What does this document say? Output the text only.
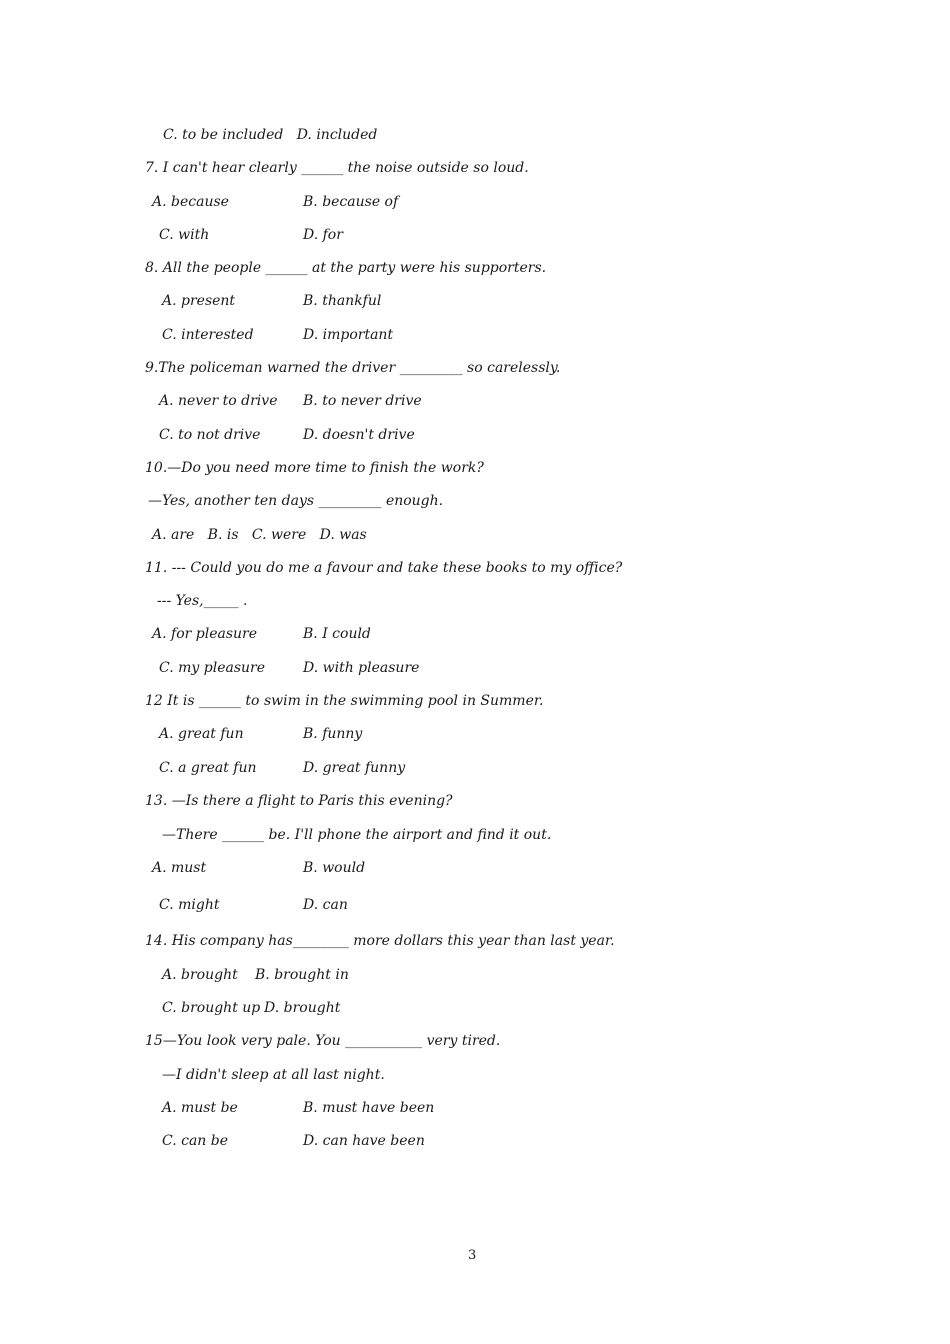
C. to be included   D. included
7. I can't hear clearly ______ the noise outside so loud.
A. because	B. because of
C. with	D. for
8. All the people ______ at the party were his supporters.
A. present	B. thankful
C. interested	D. important
9.The policeman warned the driver _________ so carelessly.
A. never to drive B. to never drive
C. to not drive	D. doesn't drive
10.—Do you need more time to finish the work?
—Yes, another ten days _________ enough.
A. are   B. is   C. were   D. was
11. --- Could you do me a favour and take these books to my office?
--- Yes,_____ .
A. for pleasure	B. I could
C. my pleasure	D. with pleasure
12 It is ______ to swim in the swimming pool in Summer.
A. great fun	B. funny
C. a great fun	D. great funny
13. —Is there a flight to Paris this evening?
—There ______ be. I'll phone the airport and find it out.
A. must	B. would
C. might	D. can
14. His company has________ more dollars this year than last year.
A. brought B. brought in
C. brought up D. brought
15—You look very pale. You ___________ very tired.
—I didn't sleep at all last night.
A. must be	B. must have been
C. can be	D. can have been
3
